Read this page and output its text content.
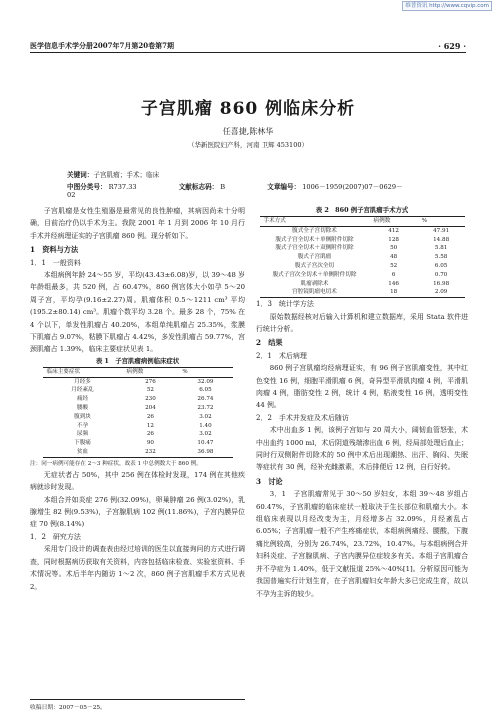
维普资讯 http://www.cqvip.com
医学信息手术学分册2007年7月第20卷第7期	· 629 ·
子宫肌瘤 860 例临床分析
任喜捷,陈林华
（华新医院妇产科，河南 卫辉 453100）
关键词：子宫肌瘤；手术；临床
中图分类号： R737.33	文献标志码： B	文章编号： 1006－1959(2007)07－0629－02

子宫肌瘤是女性生殖器是最常见的良性肿瘤，其病因尚未十分明确，目前治疗仍以手术为主。我院 2001 年 1 月到 2006 年 10 月行手术并经病理证实的子宫肌瘤 860 例。现分析如下。

1　资料与方法

1．1　一般资料

本组病例年龄 24～55 岁，平均(43.43±6.08)岁，以 39～48 岁年龄组最多，共 520 例，占 60.47%，860 例宫体大小如孕 5～20 周子宫，平均孕(9.16±2.27)周。肌瘤体积 0.5～1211 cm³ 平均(195.2±80.14) cm³。肌瘤个数平均 3.28 个。最多 28 个，75% 在 4 个以下，单发性肌瘤占 40.20%，本组单纯肌瘤占 25.35%，浆膜下肌瘤占 9.07%，粘膜下肌瘤占 4.42%，多发性肌瘤占 59.77%，宫颈肌瘤占 1.39%，临床主要症状见表 1。

表 1　子宫肌瘤病例临床症状
临床主要症状	病例数	%
月经多	276	32.09
月经紊乱	52	6.05
痛经	230	26.74
腰酸	204	23.72
腹到块	26	3.02
不孕	12	1.40
尿频	26	3.02
下腹痛	90	10.47
贫血	232	36.98

注：同一病例可能存在 2～3 种症状，故表 1 中总例数大于 860 例。

无症状者占 50%，其中 256 例在体检时发现，174 例在其他疾病就诊时发现。

本组合并如炎症 276 例(32.09%)，卵巢肿瘤 26 例(3.02%)，乳腺增生 82 例(9.53%)，子宫腺肌病 102 例(11.86%)，子宫内膜异位症 70 例(8.14%)

1．2　研究方法

采用专门设计的调查表由经过培训的医生以直接询问的方式进行调查，同时根据病历获取有关资料，内容包括临床检查、实验室资料、手术情况等。术后半年内随访 1～2 次，860 例子宫肌瘤手术方式见表 2。

表 2　860 例子宫肌瘤手术方式
手术方式	病例数	%
腹式全子宫切除术	412	47.91
腹式子宫全切术＋单侧附件切除	128	14.88
腹式子宫全切术＋双侧附件切除	50	5.81
腹式子宫肌瘤	48	5.58
腹式子宫次全切	52	6.05
腹式子宫次全切术＋单侧附件切除	6	0.70
肌瘤剥除术	146	16.98
宫腔镜肌瘤电切术	18	2.09

1．3　统计学方法

原始数据经核对后输入计算机和建立数据库，采用 Stata 软件进行统计分析。

2　结果

2．1　术后病理

860 例子宫肌瘤均经病理证实，有 96 例子宫肌瘤变性，其中红色变性 16 例，细胞平滑肌瘤 6 例，奇异型平滑肌肉瘤 4 例，平滑肌肉瘤 4 例，脂肪变性 2 例，统计 4 例，粘液变性 16 例，透明变性 44 例。

2．2　手术并发症及术后随访

术中出血多 1 例，该例子宫如与 20 周大小，阔韧血管怒张，术中出血约 1000 ml，术后阴道残端渗出血 6 例，经局部处理后血止；同时行双侧附件切除术的 50 例中术后出现潮热、出汗、胸闷、失眠等症状有 30 例，经补充雌激素，术后排便后 12 例，自行好转。

3　讨论

3．1　子宫肌瘤常见于 30～50 岁妇女，本组 39～48 岁组占 60.47%，子宫肌瘤的临床症状一般取决于生长部位和肌瘤大小。本组临床表现以月经改变为主，月经增多占 32.09%，月经紊乱占 6.05%；子宫肌瘤一般不产生疼痛症状，本组病例痛经、腰酸，下腹痛比例较高，分别为 26.74%，23.72%，10.47%。与本组病例合并妇科炎症、子宫腺肌病、子宫内膜异位症较多有关。本组子宫肌瘤合并不孕症为 1.40%，低于文献报道 25%～40%[1]。分析原因可能为我国普遍实行计划生育，在子宫肌瘤妇女年龄大多已完成生育，故以不孕为主诉的较少。

收稿日期：2007－05－25。
